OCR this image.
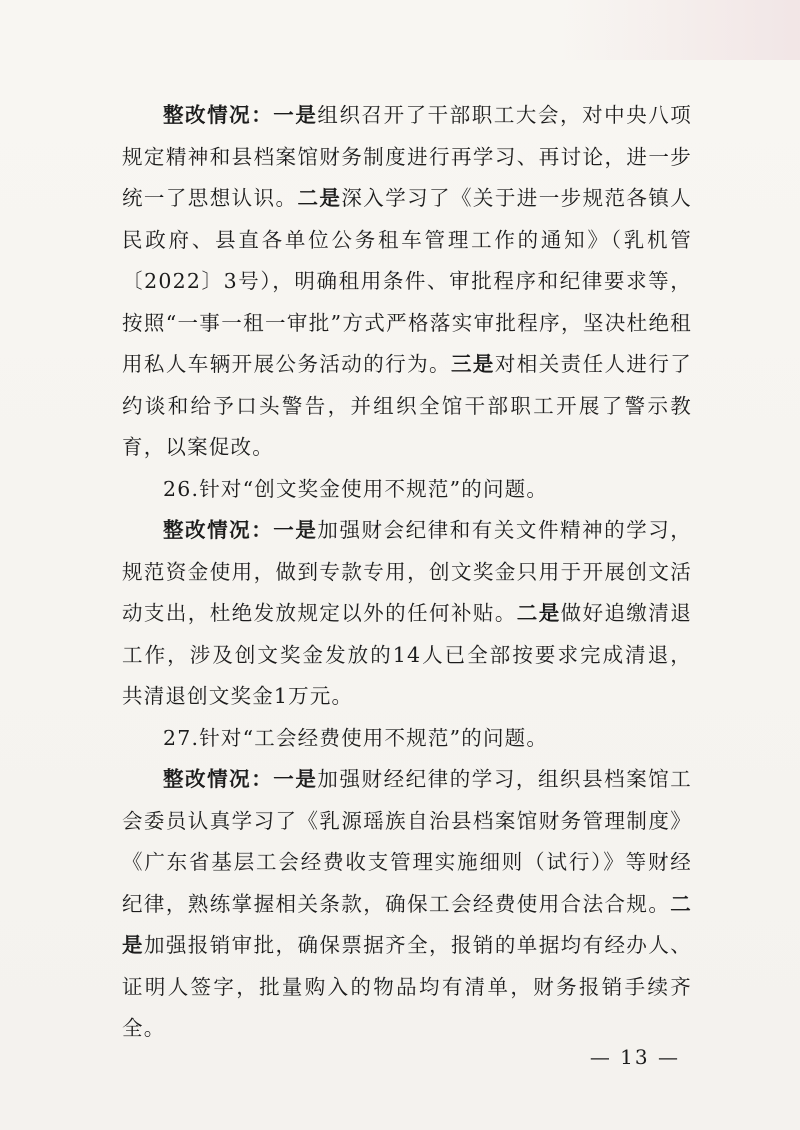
整改情况：一是组织召开了干部职工大会，对中央八项规定精神和县档案馆财务制度进行再学习、再讨论，进一步统一了思想认识。二是深入学习了《关于进一步规范各镇人民政府、县直各单位公务租车管理工作的通知》（乳机管〔2022〕3号），明确租用条件、审批程序和纪律要求等，按照“一事一租一审批”方式严格落实审批程序，坚决杜绝租用私人车辆开展公务活动的行为。三是对相关责任人进行了约谈和给予口头警告，并组织全馆干部职工开展了警示教育，以案促改。

26.针对“创文奖金使用不规范”的问题。

整改情况：一是加强财会纪律和有关文件精神的学习，规范资金使用，做到专款专用，创文奖金只用于开展创文活动支出，杜绝发放规定以外的任何补贴。二是做好追缴清退工作，涉及创文奖金发放的14人已全部按要求完成清退，共清退创文奖金1万元。

27.针对“工会经费使用不规范”的问题。

整改情况：一是加强财经纪律的学习，组织县档案馆工会委员认真学习了《乳源瑶族自治县档案馆财务管理制度》《广东省基层工会经费收支管理实施细则（试行）》等财经纪律，熟练掌握相关条款，确保工会经费使用合法合规。二是加强报销审批，确保票据齐全，报销的单据均有经办人、证明人签字，批量购入的物品均有清单，财务报销手续齐全。

— 13 —
